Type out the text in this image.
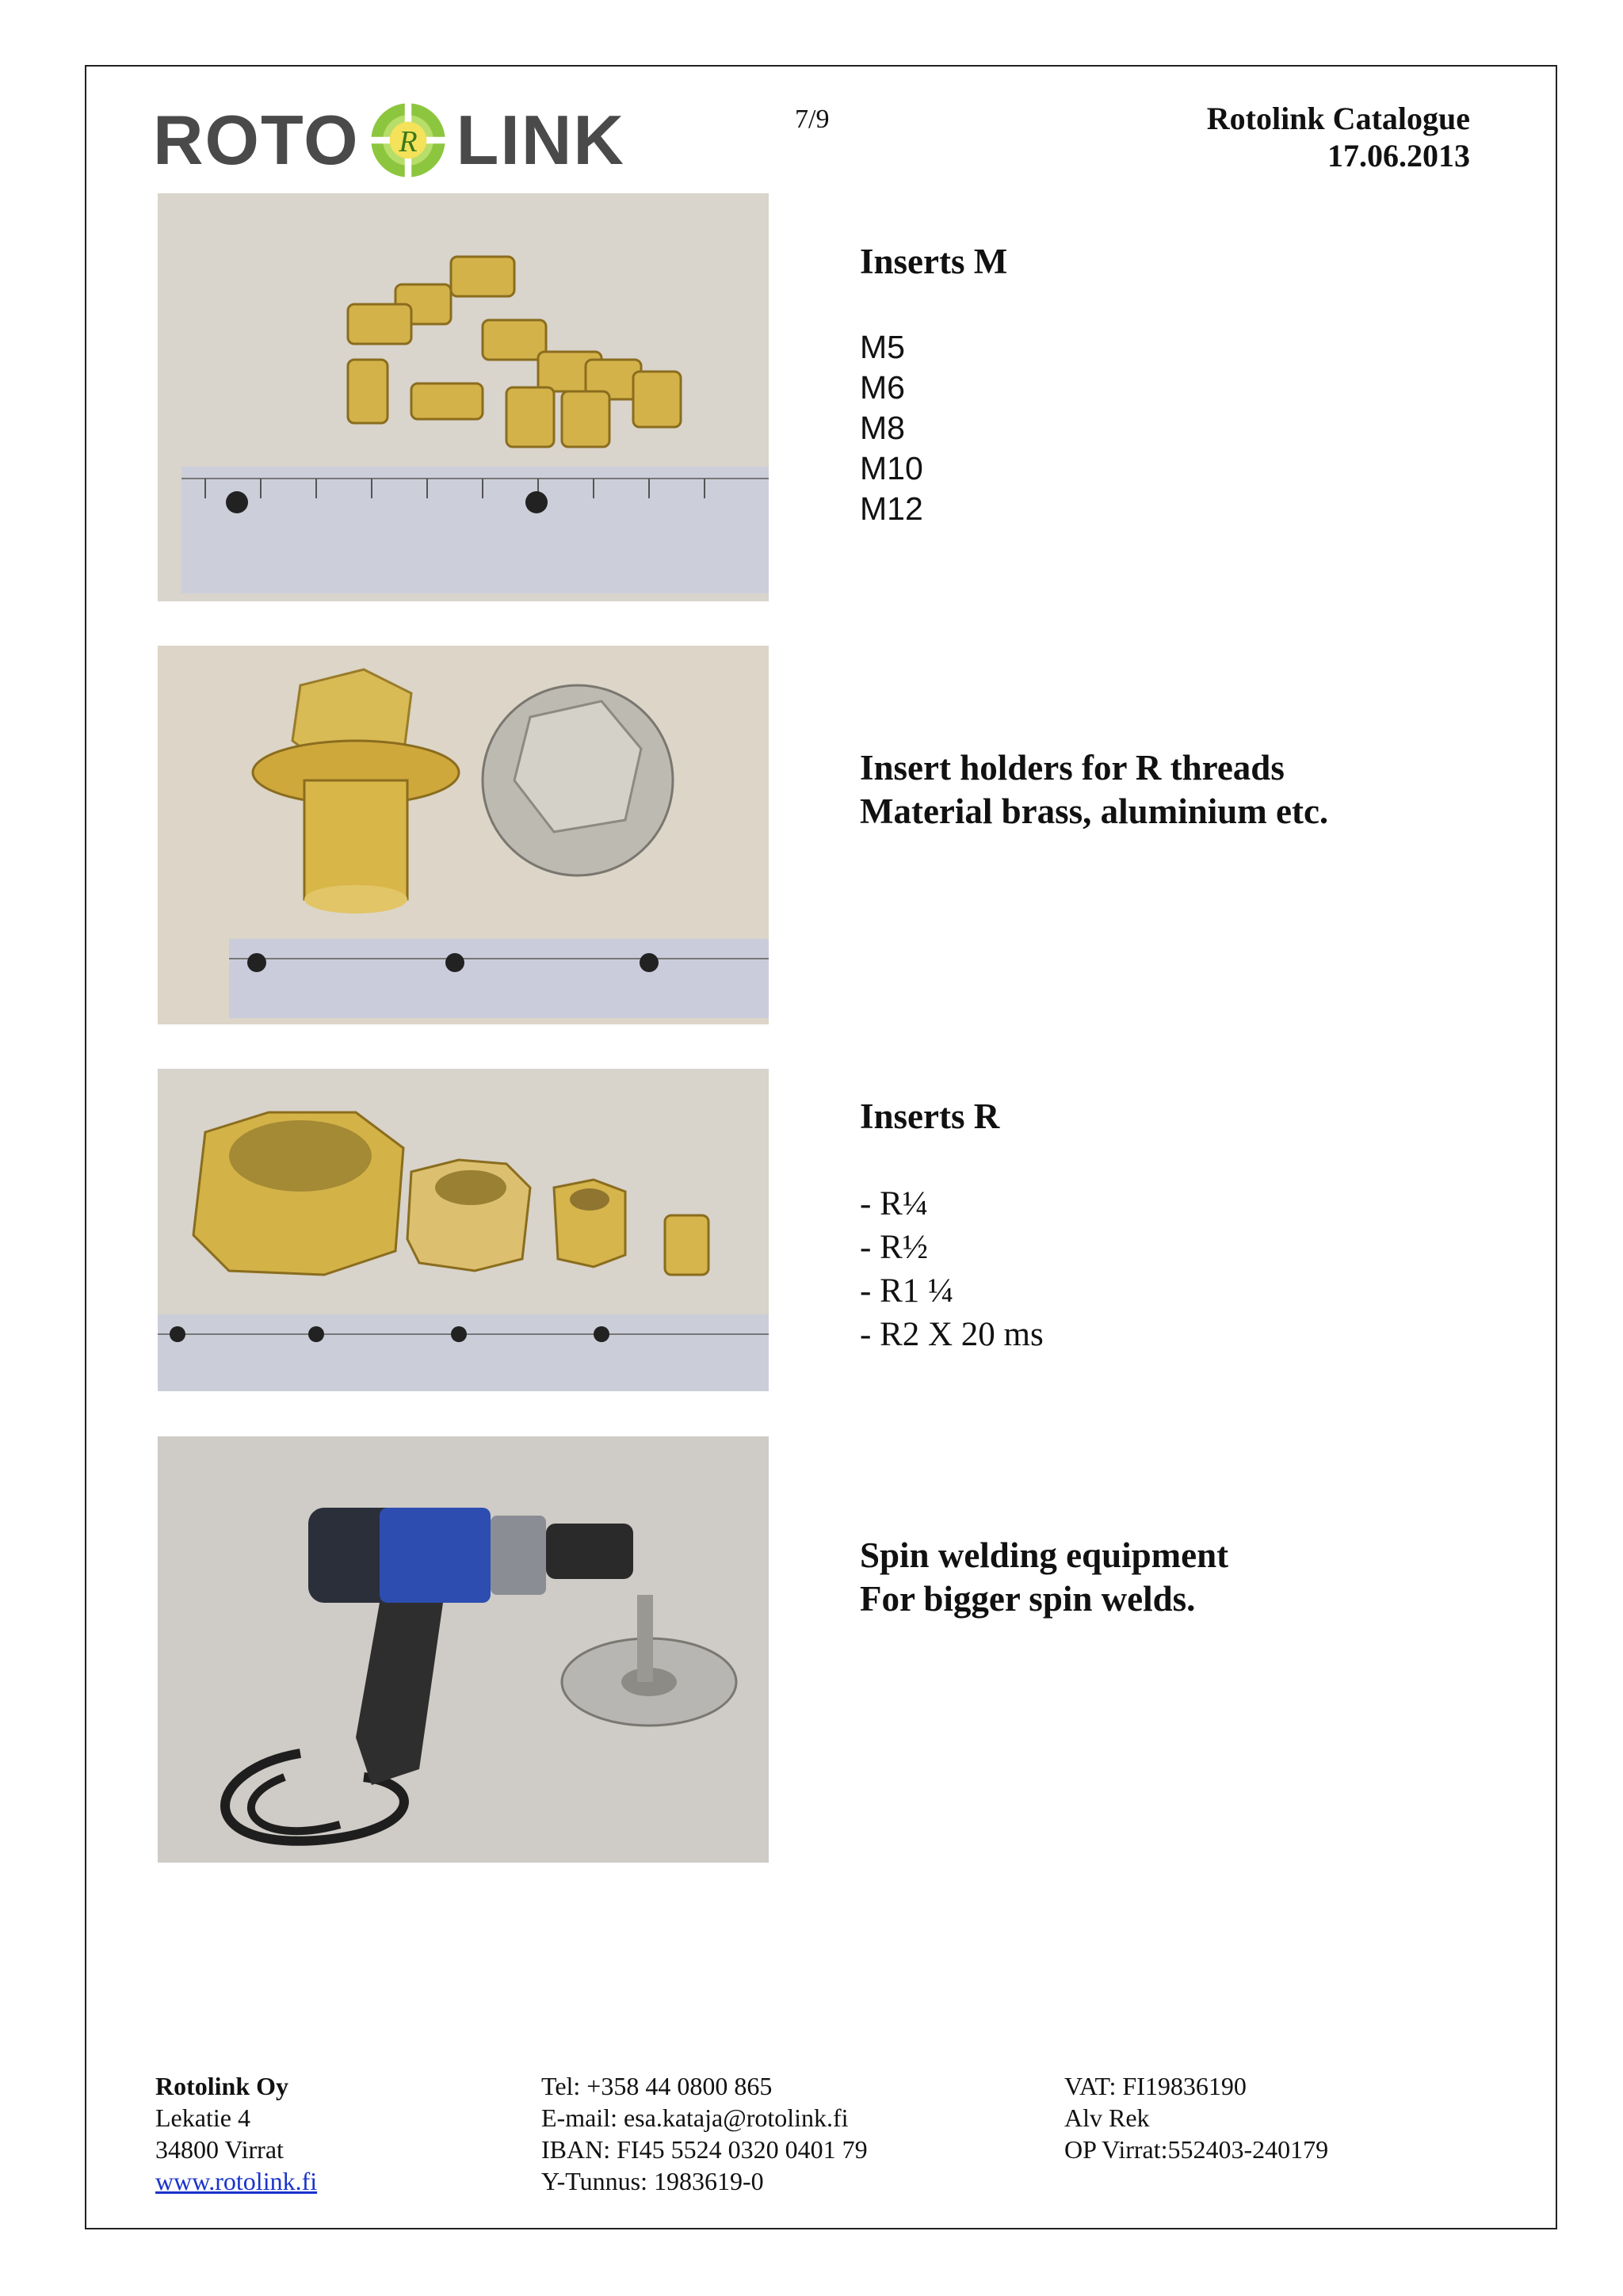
ROTO R LINK	7/9	Rotolink Catalogue
17.06.2013
Inserts M
M5
M6
M8
M10
M12
Insert holders for R threads
Material brass, aluminium etc.
Inserts R
- R¼
- R½
- R1 ¼
- R2 X 20 ms
Spin welding equipment
For bigger spin welds.
Rotolink Oy
Lekatie 4
34800 Virrat
www.rotolink.fi
Tel: +358 44 0800 865
E-mail: esa.kataja@rotolink.fi
IBAN: FI45 5524 0320 0401 79
Y-Tunnus: 1983619-0
VAT: FI19836190
Alv Rek
OP Virrat:552403-240179
